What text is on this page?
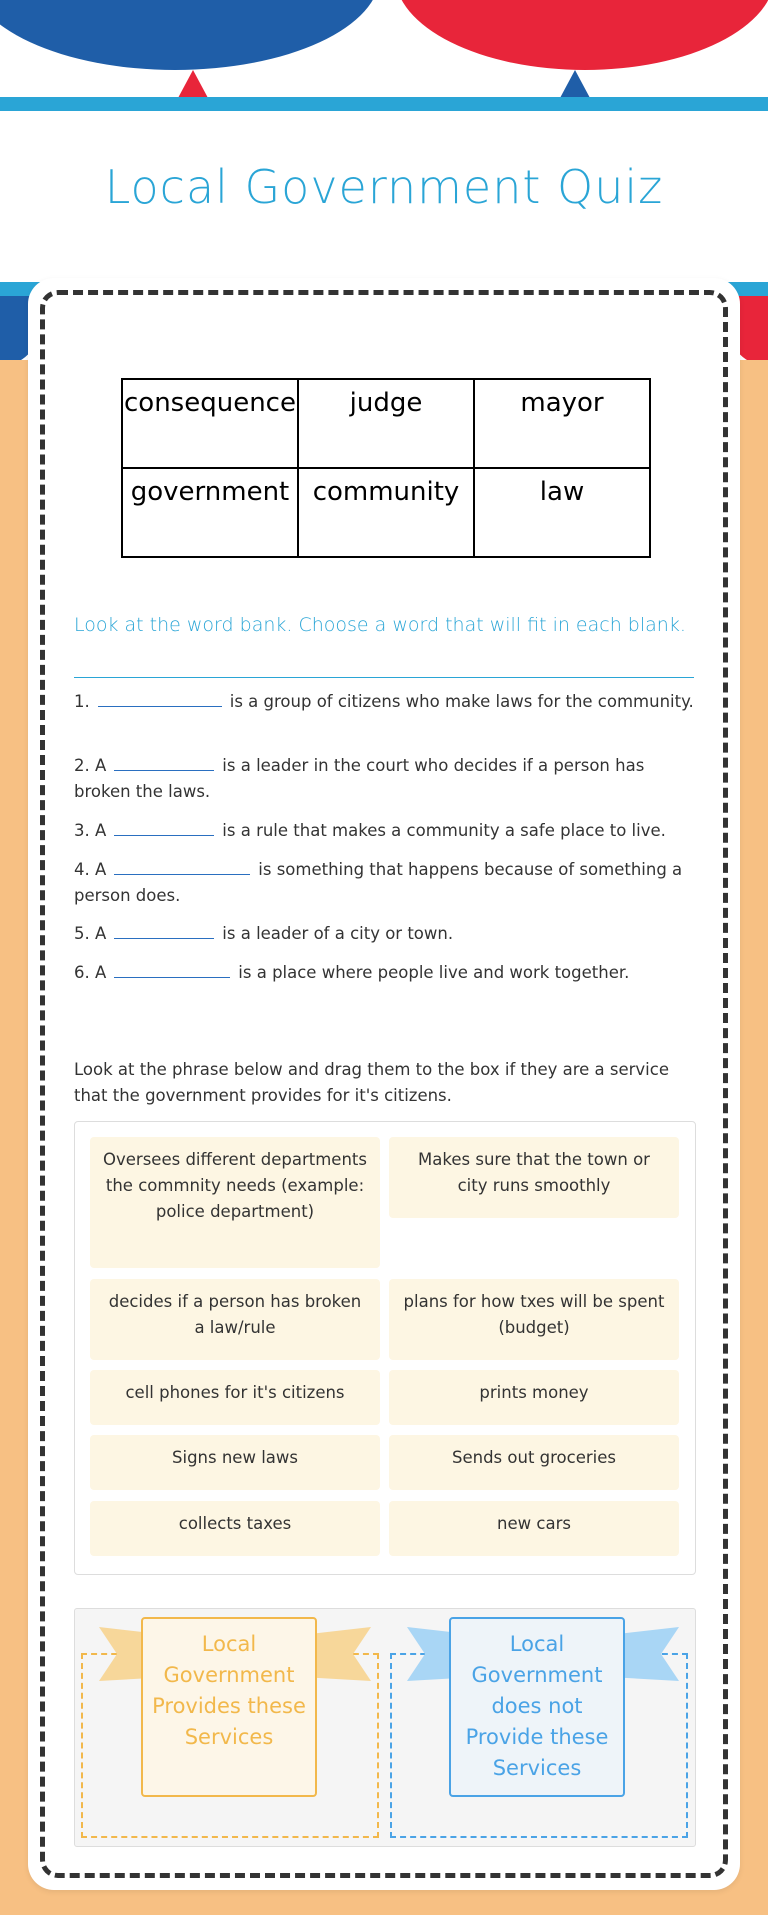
Local Government Quiz
consequence	judge	mayor
government	community	law
Look at the word bank. Choose a word that will fit in each blank.
1.	is a group of citizens who make laws for the community.
2. A	is a leader in the court who decides if a person has broken the laws.
3. A	is a rule that makes a community a safe place to live.
4. A	is something that happens because of something a person does.
5. A	is a leader of a city or town.
6. A	is a place where people live and work together.
Look at the phrase below and drag them to the box if they are a service that the government provides for it's citizens.
Oversees different departments the commnity needs (example: police department)
Makes sure that the town or city runs smoothly
decides if a person has broken a law/rule
plans for how txes will be spent (budget)
cell phones for it's citizens	prints money
Signs new laws	Sends out groceries
collects taxes	new cars
Local Government Provides these Services
Local Government does not Provide these Services
